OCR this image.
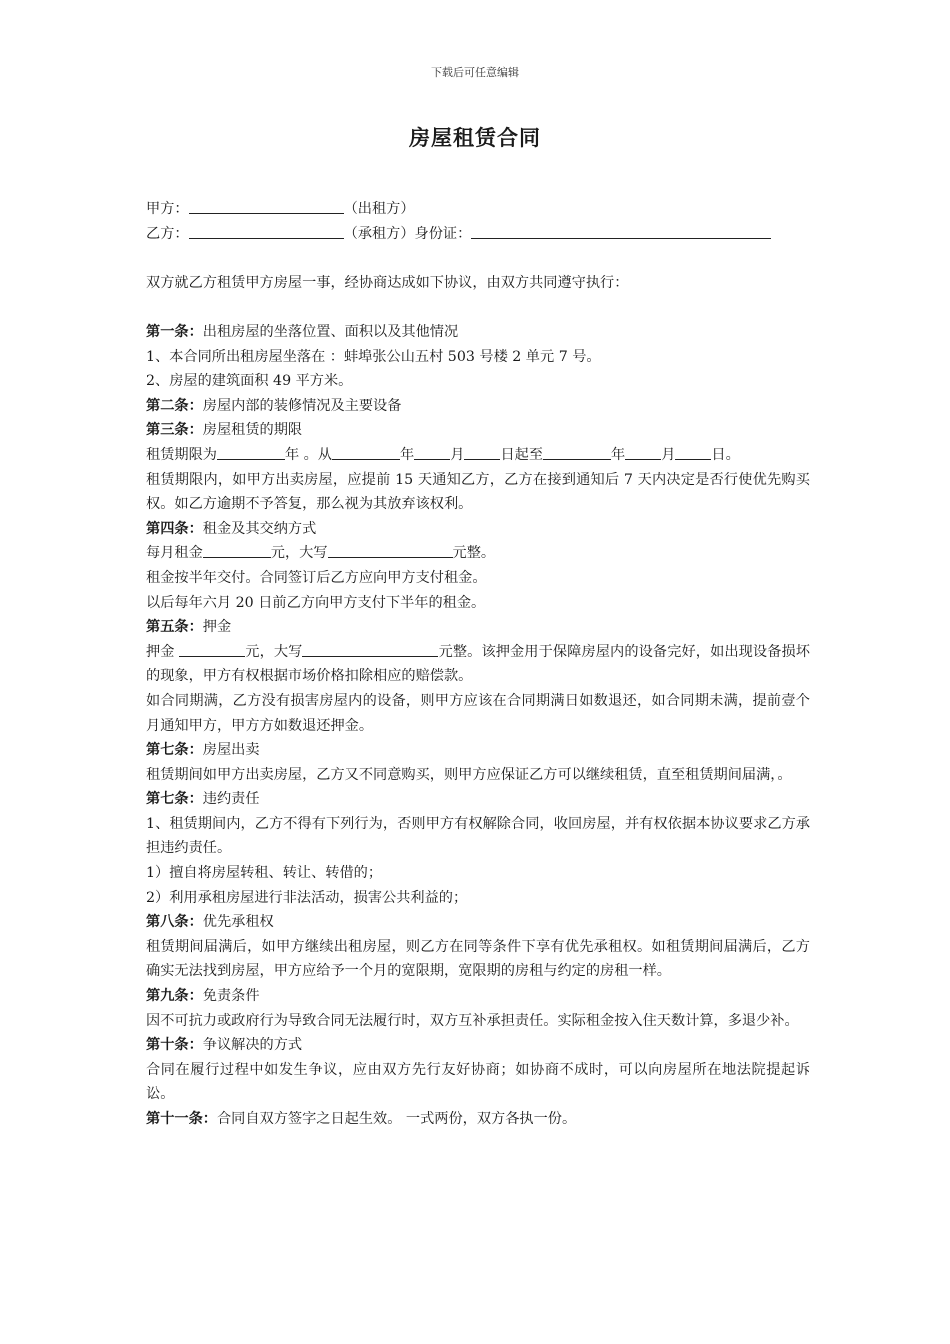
下载后可任意编辑
房屋租赁合同
甲方：	（出租方）
乙方：	（承租方）身份证：
双方就乙方租赁甲方房屋一事，经协商达成如下协议，由双方共同遵守执行：
第一条：出租房屋的坐落位置、面积以及其他情况
1、本合同所出租房屋坐落在 ：蚌埠张公山五村 503 号楼 2 单元 7 号。
2、房屋的建筑面积 49 平方米。
第二条：房屋内部的装修情况及主要设备
第三条：房屋租赁的期限
租赁期限为	年 。从	年	月	日起至	年	月	日。
租赁期限内，如甲方出卖房屋，应提前 15 天通知乙方，乙方在接到通知后 7 天内决定是否行使优先购买权。如乙方逾期不予答复，那么视为其放弃该权利。
第四条：租金及其交纳方式
每月租金	元，大写	元整。
租金按半年交付。合同签订后乙方应向甲方支付租金。
以后每年六月 20 日前乙方向甲方支付下半年的租金。
第五条：押金
押金	元，大写	元整。该押金用于保障房屋内的设备完好，如出现设备损坏的现象，甲方有权根据市场价格扣除相应的赔偿款。
如合同期满，乙方没有损害房屋内的设备，则甲方应该在合同期满日如数退还，如合同期未满，提前壹个月通知甲方，甲方方如数退还押金。
第七条：房屋出卖
租赁期间如甲方出卖房屋，乙方又不同意购买，则甲方应保证乙方可以继续租赁，直至租赁期间届满，。
第七条：违约责任
1、租赁期间内，乙方不得有下列行为，否则甲方有权解除合同，收回房屋，并有权依据本协议要求乙方承担违约责任。
1）擅自将房屋转租、转让、转借的；
2）利用承租房屋进行非法活动，损害公共利益的；
第八条：优先承租权
租赁期间届满后，如甲方继续出租房屋，则乙方在同等条件下享有优先承租权。如租赁期间届满后，乙方确实无法找到房屋，甲方应给予一个月的宽限期，宽限期的房租与约定的房租一样。
第九条：免责条件
因不可抗力或政府行为导致合同无法履行时，双方互补承担责任。实际租金按入住天数计算，多退少补。
第十条：争议解决的方式
合同在履行过程中如发生争议，应由双方先行友好协商；如协商不成时，可以向房屋所在地法院提起诉讼。
第十一条：合同自双方签字之日起生效。 一式两份，双方各执一份。
